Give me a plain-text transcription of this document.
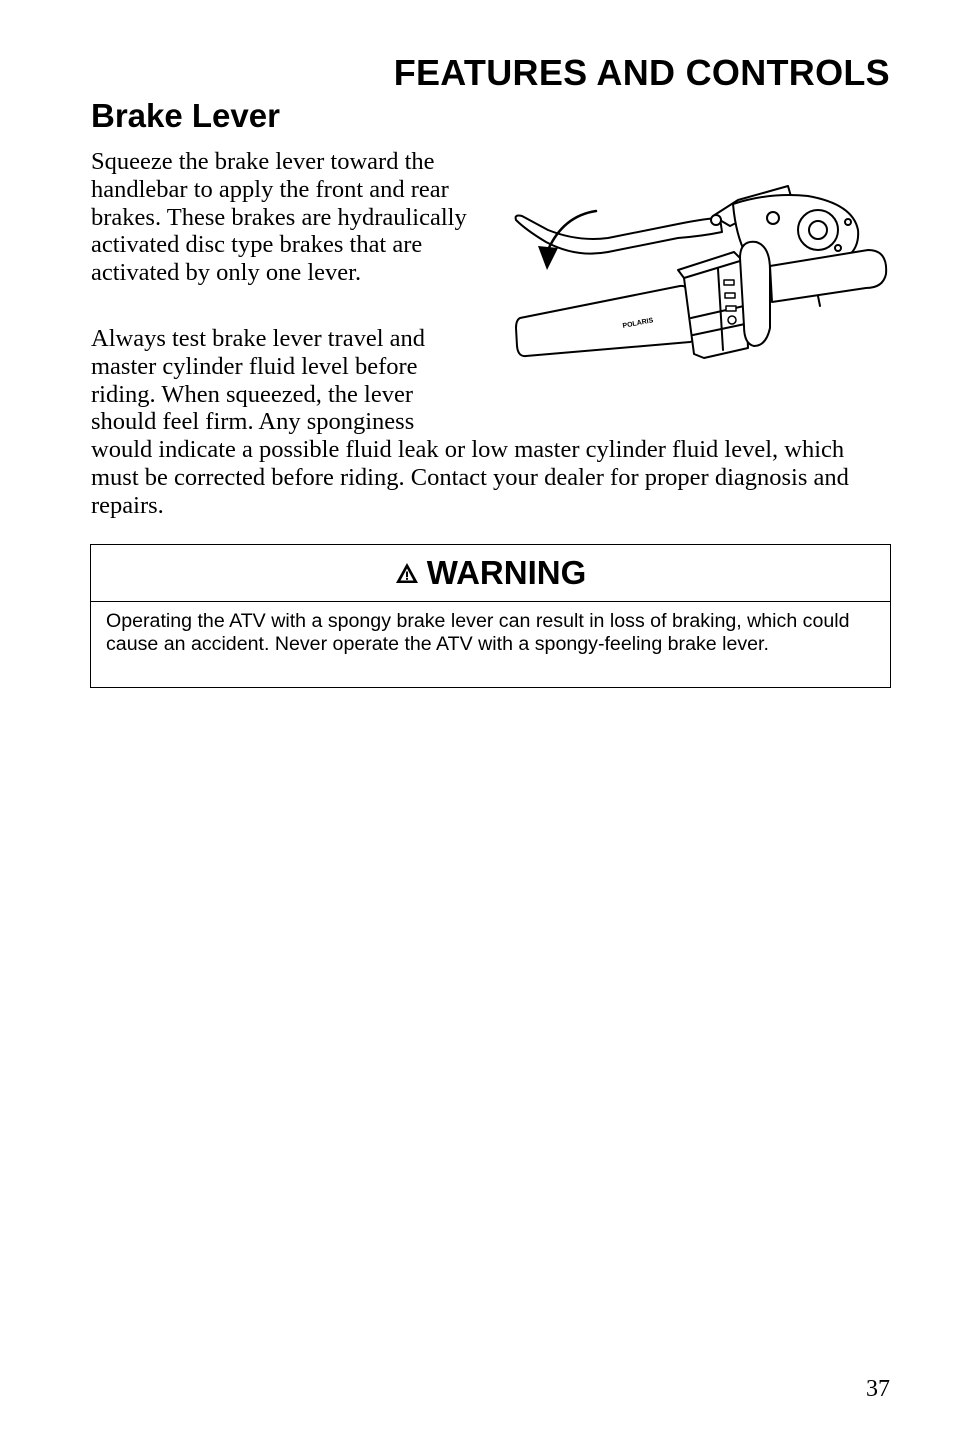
FEATURES AND CONTROLS
Brake Lever

Squeeze the brake lever toward the handlebar to apply the front and rear brakes. These brakes are hydraulically activated disc type brakes that are activated by only one lever.

Always test brake lever travel and master cylinder fluid level before riding. When squeezed, the lever should feel firm. Any sponginess would indicate a possible fluid leak or low master cylinder fluid level, which must be corrected before riding. Contact your dealer for proper diagnosis and repairs.

POLARIS
WARNING
Operating the ATV with a spongy brake lever can result in loss of braking, which could cause an accident. Never operate the ATV with a spongy-feeling brake lever.
37
